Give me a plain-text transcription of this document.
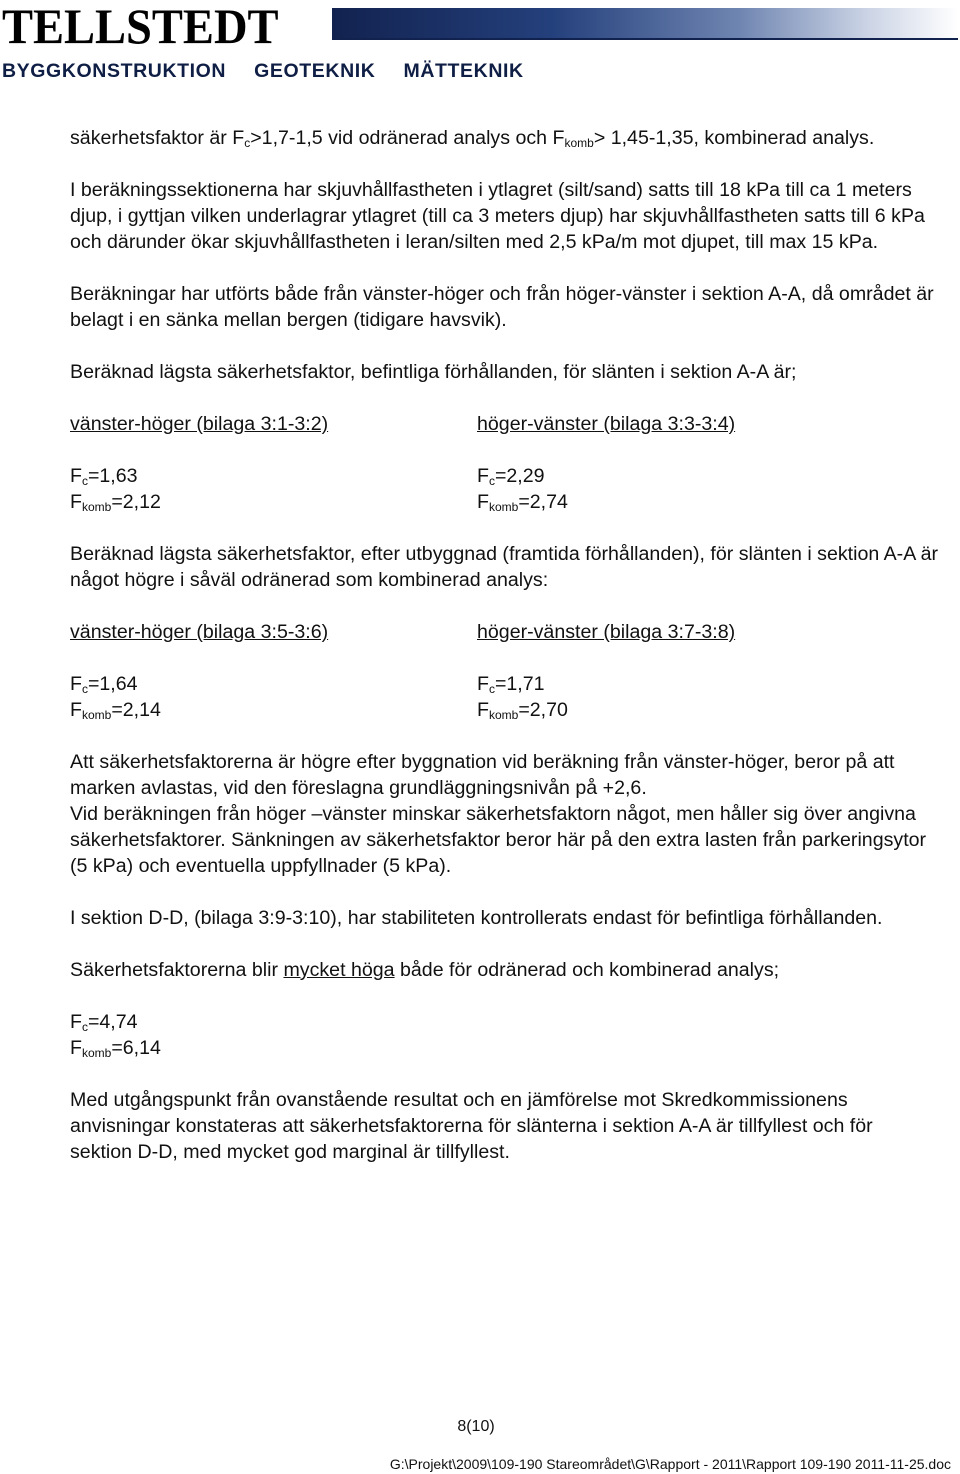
TELLSTEDT
BYGGKONSTRUKTION GEOTEKNIK MÄTTEKNIK

säkerhetsfaktor är $F_c>1,7-1,5$ vid odränerad analys och $F_{komb}> 1,45-1,35$, kombinerad analys.

I beräkningssektionerna har skjuvhållfastheten i ytlagret (silt/sand) satts till 18 kPa till ca 1 meters djup, i gyttjan vilken underlagrar ytlagret (till ca 3 meters djup) har skjuvhållfastheten satts till 6 kPa och därunder ökar skjuvhållfastheten i leran/silten med 2,5 kPa/m mot djupet, till max 15 kPa.

Beräkningar har utförts både från vänster-höger och från höger-vänster i sektion A-A, då området är belagt i en sänka mellan bergen (tidigare havsvik).

Beräknad lägsta säkerhetsfaktor, befintliga förhållanden, för slänten i sektion A-A är;

vänster-höger (bilaga 3:1-3:2)	höger-vänster (bilaga 3:3-3:4)
$F_c=1,63$	$F_c=2,29$
$F_{komb}=2,12$	$F_{komb}=2,74$

Beräknad lägsta säkerhetsfaktor, efter utbyggnad (framtida förhållanden), för slänten i sektion A-A är något högre i såväl odränerad som kombinerad analys:

vänster-höger (bilaga 3:5-3:6)	höger-vänster (bilaga 3:7-3:8)
$F_c=1,64$	$F_c=1,71$
$F_{komb}=2,14$	$F_{komb}=2,70$

Att säkerhetsfaktorerna är högre efter byggnation vid beräkning från vänster-höger, beror på att marken avlastas, vid den föreslagna grundläggningsnivån på +2,6.

Vid beräkningen från höger –vänster minskar säkerhetsfaktorn något, men håller sig över angivna säkerhetsfaktorer. Sänkningen av säkerhetsfaktor beror här på den extra lasten från parkeringsytor (5 kPa) och eventuella uppfyllnader (5 kPa).

I sektion D-D, (bilaga 3:9-3:10), har stabiliteten kontrollerats endast för befintliga förhållanden.

Säkerhetsfaktorerna blir mycket höga både för odränerad och kombinerad analys;

$F_c=4,74$
$F_{komb}=6,14$

Med utgångspunkt från ovanstående resultat och en jämförelse mot Skredkommissionens anvisningar konstateras att säkerhetsfaktorerna för slänterna i sektion A-A är tillfyllest och för sektion D-D, med mycket god marginal är tillfyllest.

8(10)
G:\Projekt\2009\109-190 Stareområdet\G\Rapport - 2011\Rapport 109-190 2011-11-25.doc
